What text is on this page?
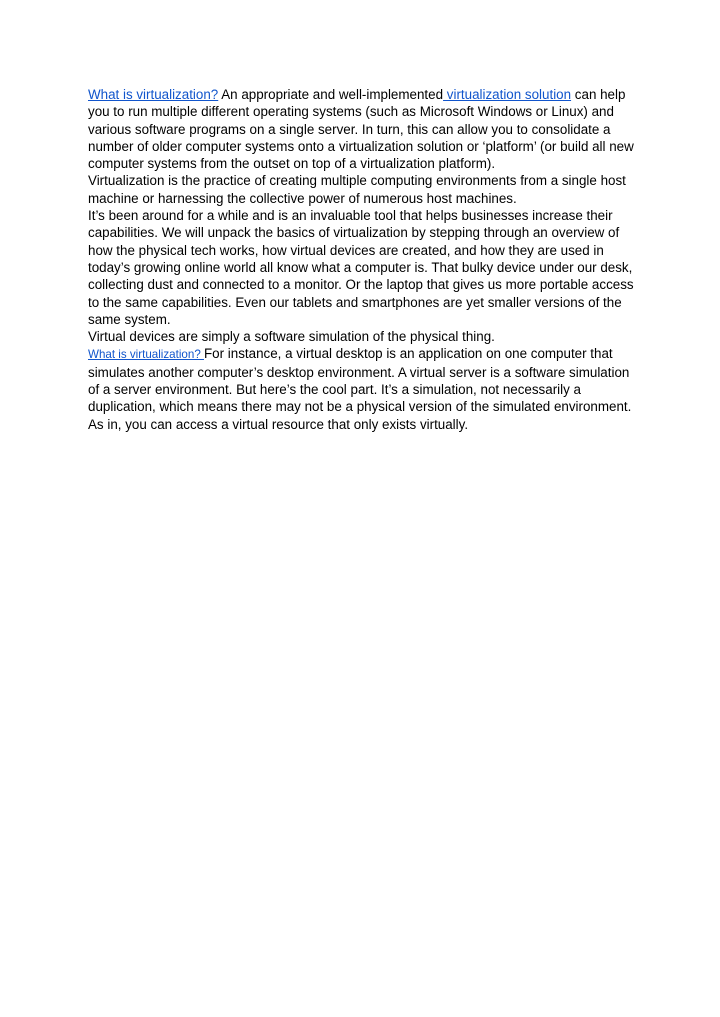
What is virtualization? An appropriate and well-implemented virtualization solution can help you to run multiple different operating systems (such as Microsoft Windows or Linux) and various software programs on a single server. In turn, this can allow you to consolidate a number of older computer systems onto a virtualization solution or ‘platform’ (or build all new computer systems from the outset on top of a virtualization platform).

Virtualization is the practice of creating multiple computing environments from a single host machine or harnessing the collective power of numerous host machines.

It’s been around for a while and is an invaluable tool that helps businesses increase their capabilities. We will unpack the basics of virtualization by stepping through an overview of how the physical tech works, how virtual devices are created, and how they are used in today’s growing online world all know what a computer is. That bulky device under our desk, collecting dust and connected to a monitor. Or the laptop that gives us more portable access to the same capabilities. Even our tablets and smartphones are yet smaller versions of the same system.

Virtual devices are simply a software simulation of the physical thing.

What is virtualization? For instance, a virtual desktop is an application on one computer that simulates another computer’s desktop environment. A virtual server is a software simulation of a server environment. But here’s the cool part. It’s a simulation, not necessarily a duplication, which means there may not be a physical version of the simulated environment. As in, you can access a virtual resource that only exists virtually.
